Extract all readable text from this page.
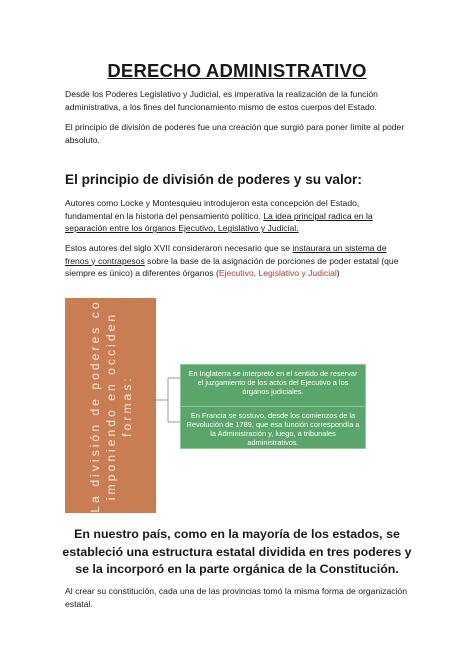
DERECHO ADMINISTRATIVO

Desde los Poderes Legislativo y Judicial, es imperativa la realización de la función administrativa, a los fines del funcionamiento mismo de estos cuerpos del Estado.

El principio de división de poderes fue una creación que surgió para poner límite al poder absoluto.

El principio de división de poderes y su valor:

Autores como Locke y Montesquieu introdujeron esta concepción del Estado, fundamental en la historia del pensamiento político. La idea principal radica en la separación entre los órganos Ejecutivo, Legislativo y Judicial.

Estos autores del siglo XVII consideraron necesario que se instaurara un sistema de frenos y contrapesos sobre la base de la asignación de porciones de poder estatal (que siempre es único) a diferentes órganos (Ejecutivo, Legislativo y Judicial)

La división de poderes co imponiendo en occiden formas:
En Inglaterra se interpretó en el sentido de reservar el juzgamiento de los actos del Ejecutivo a los órganos judiciales.
En Francia se sostuvo, desde los comienzos de la Revolución de 1789, que esa función correspondía a la Administración y, luego, a tribunales administrativos.

En nuestro país, como en la mayoría de los estados, se estableció una estructura estatal dividida en tres poderes y se la incorporó en la parte orgánica de la Constitución.

Al crear su constitución, cada una de las provincias tomó la misma forma de organización estatal.
